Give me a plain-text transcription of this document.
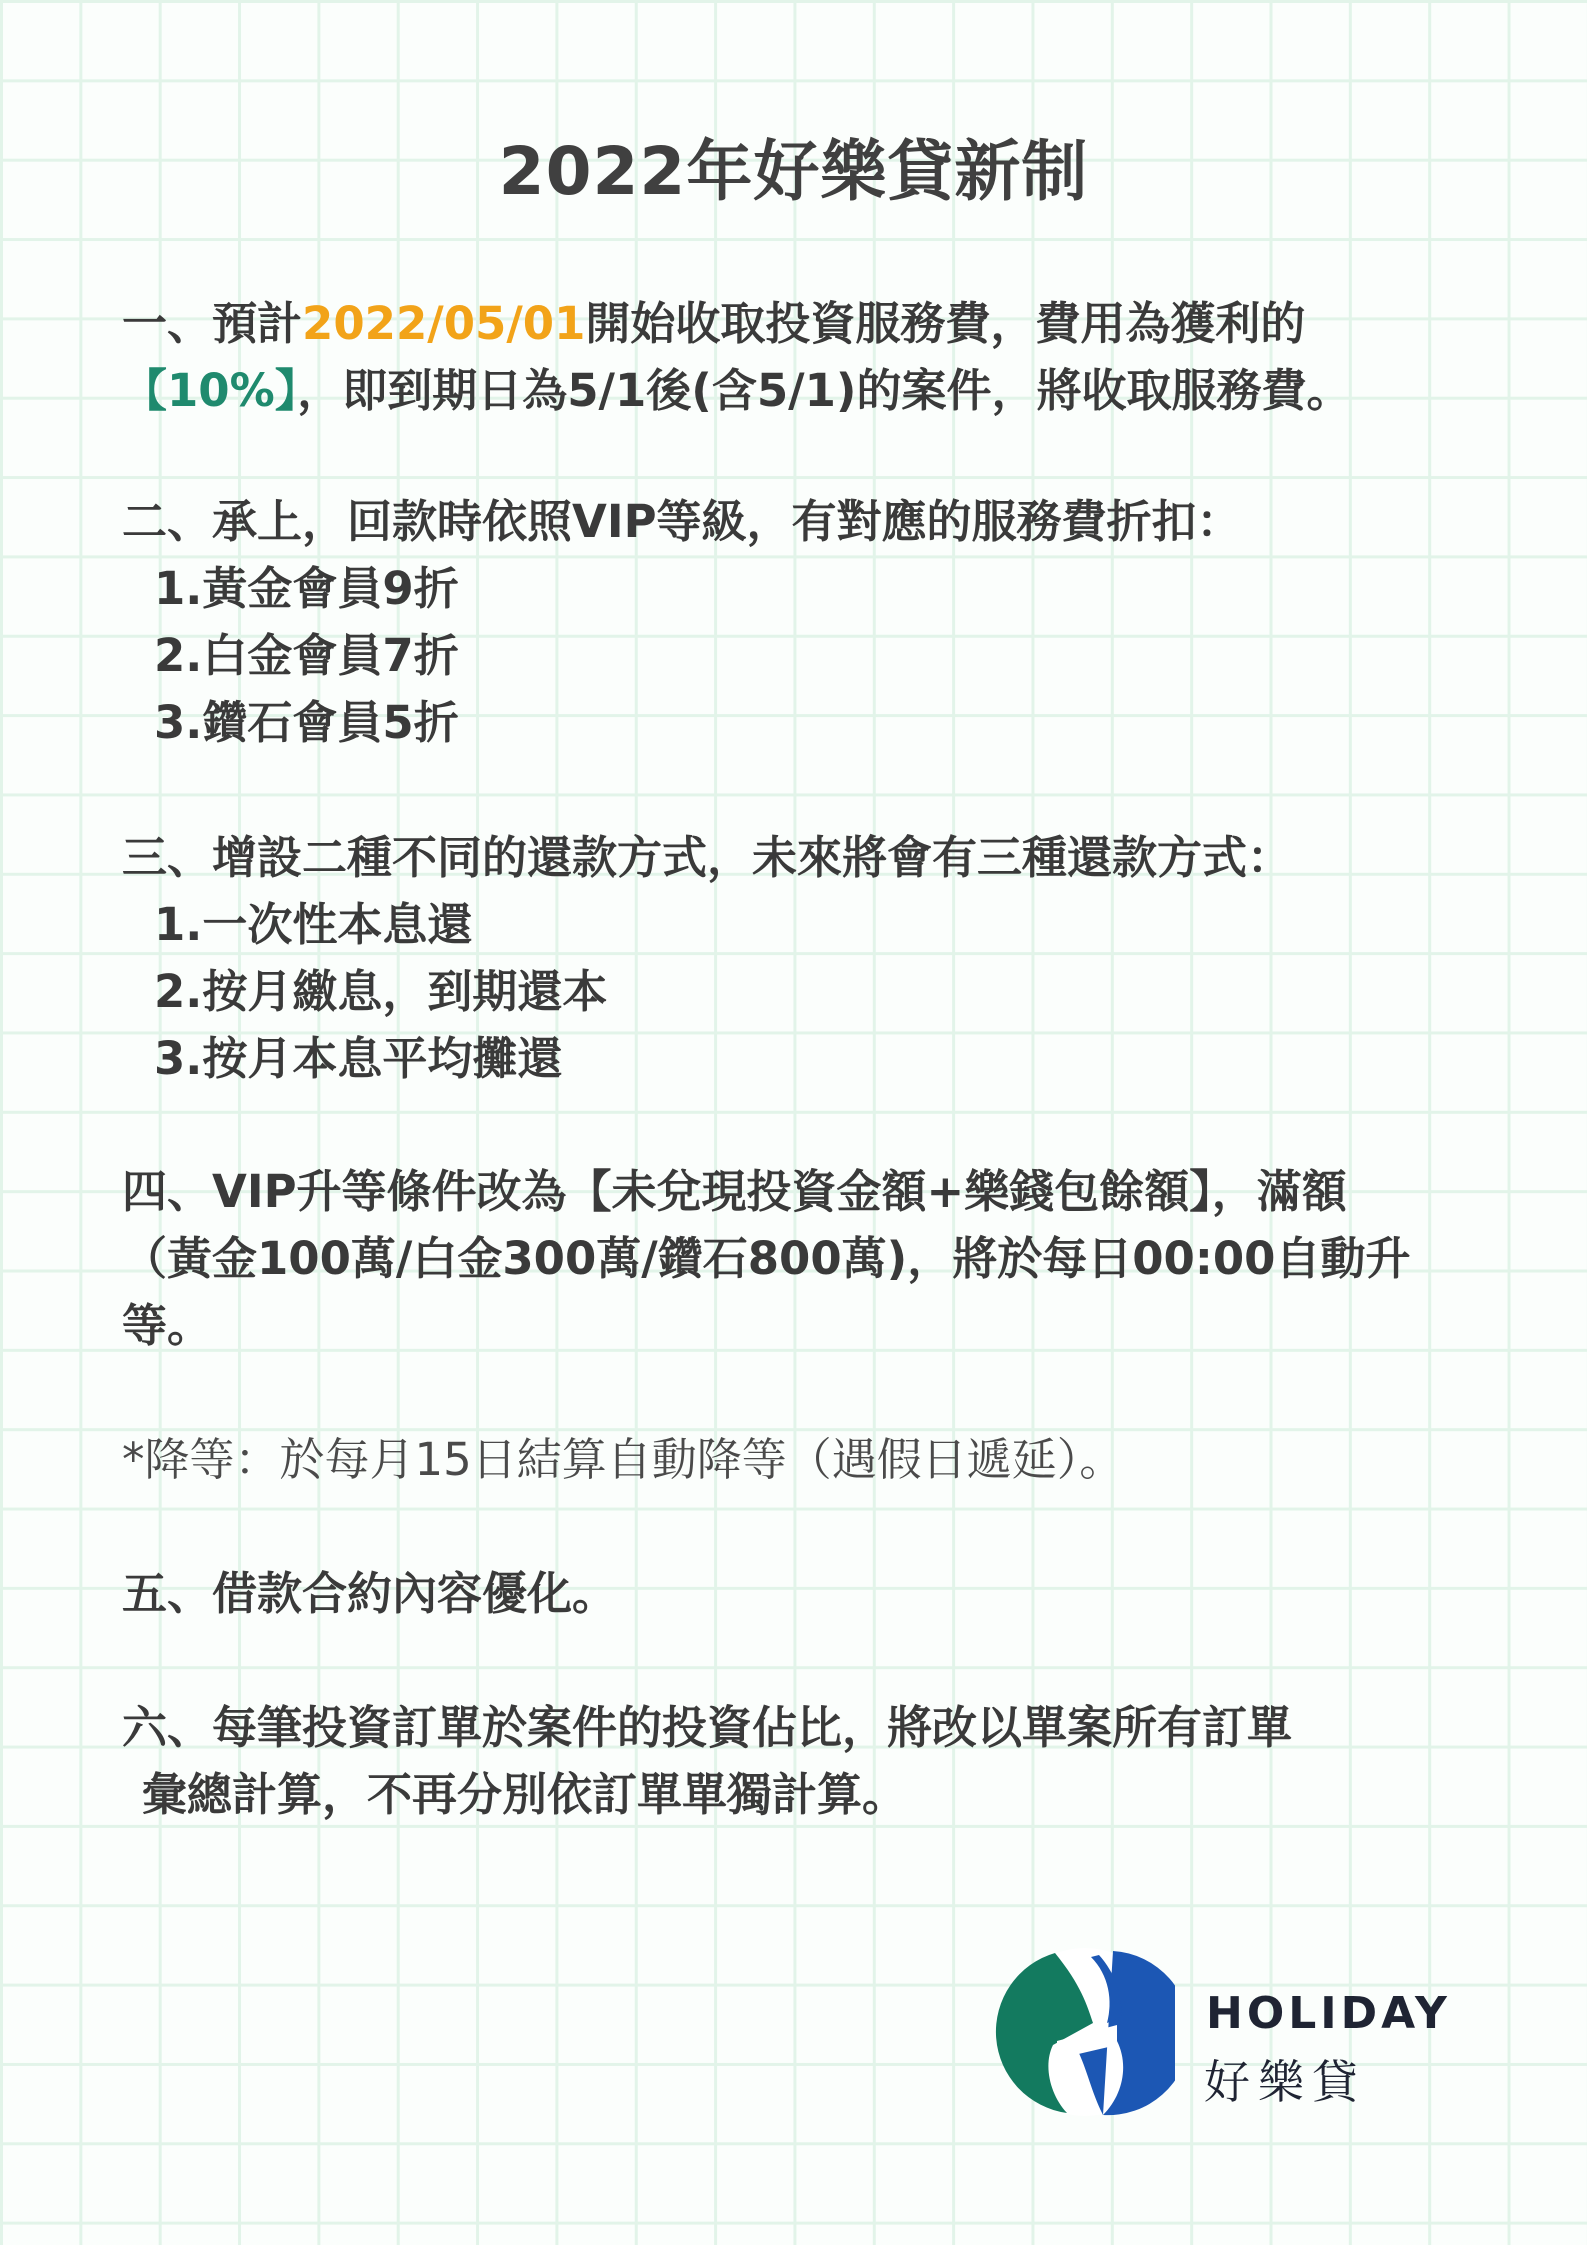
2022年好樂貸新制
一、預計2022/05/01開始收取投資服務費，費用為獲利的
【10%】，即到期日為5/1後(含5/1)的案件，將收取服務費。
二、承上，回款時依照VIP等級，有對應的服務費折扣：
1.黃金會員9折
2.白金會員7折
3.鑽石會員5折
三、增設二種不同的還款方式，未來將會有三種還款方式：
1.一次性本息還
2.按月繳息，到期還本
3.按月本息平均攤還
四、VIP升等條件改為【未兌現投資金額+樂錢包餘額】，滿額
（黃金100萬/白金300萬/鑽石800萬)，將於每日00:00自動升
等。
*降等：於每月15日結算自動降等（遇假日遞延）。
五、借款合約內容優化。
六、每筆投資訂單於案件的投資佔比，將改以單案所有訂單
彙總計算，不再分別依訂單單獨計算。
HOLIDAY
好樂貸
